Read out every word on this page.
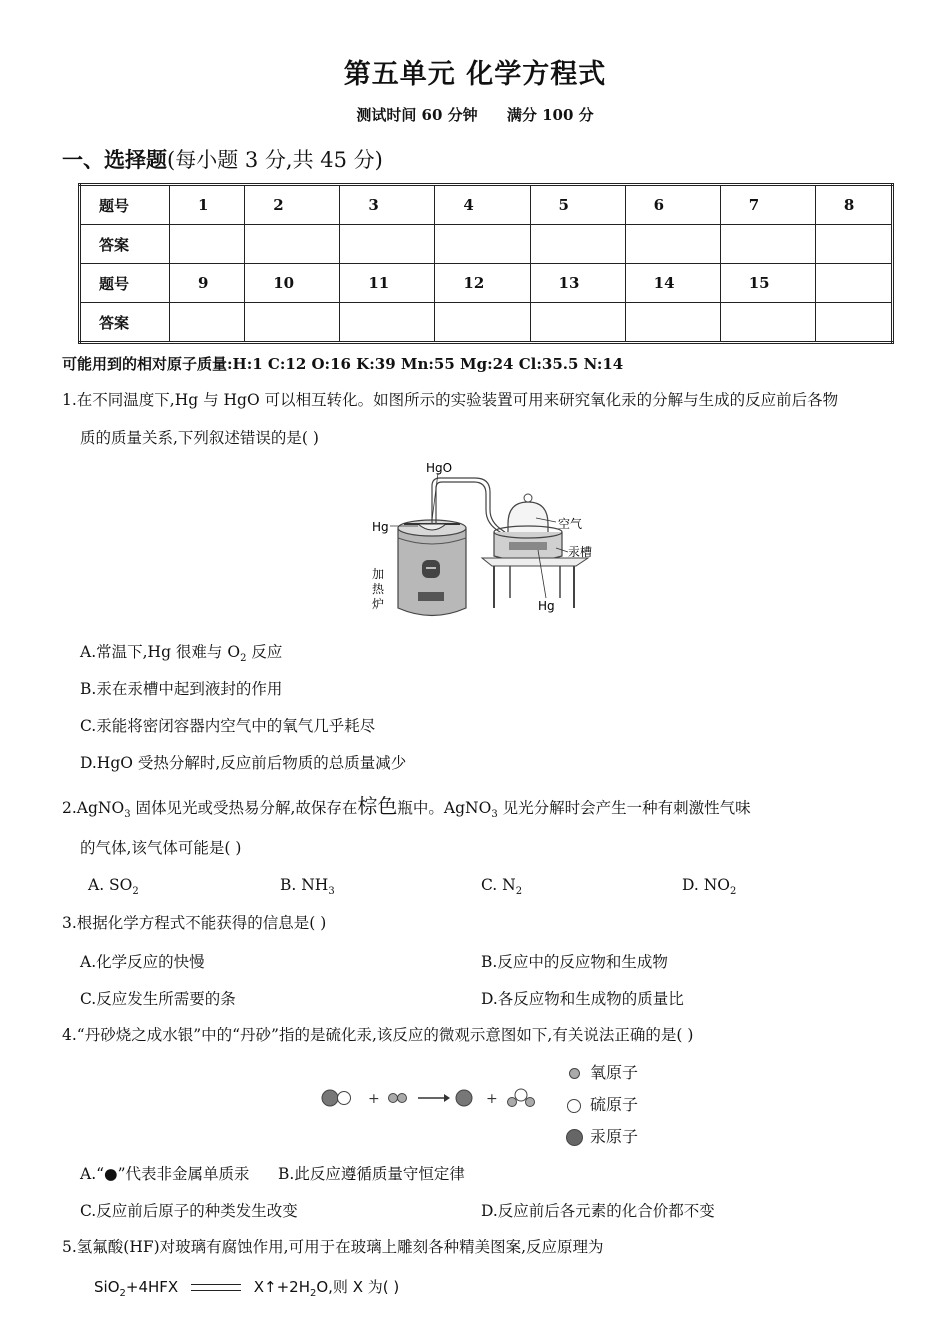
第五单元 化学方程式
测试时间 60 分钟 满分 100 分
一、选择题(每小题 3 分,共 45 分)
题号	1	2	3	4	5	6	7	8
答案								
题号	9	10	11	12	13	14	15	
答案								
可能用到的相对原子质量:H:1 C:12 O:16 K:39 Mn:55 Mg:24 Cl:35.5 N:14
1.在不同温度下,Hg 与 HgO 可以相互转化。如图所示的实验装置可用来研究氧化汞的分解与生成的反应前后各物
质的质量关系,下列叙述错误的是( )
HgO
Hg	空气
汞槽
Hg
加
热
炉
A.常温下,Hg 很难与 $O_2$ 反应
B.汞在汞槽中起到液封的作用
C.汞能将密闭容器内空气中的氧气几乎耗尽
D.HgO 受热分解时,反应前后物质的总质量减少
2.AgNO$_3$ 固体见光或受热易分解,故保存在棕色瓶中。AgNO$_3$ 见光分解时会产生一种有刺激性气味
的气体,该气体可能是( )
A. $SO_2$	B. $NH_3$	C. $N_2$	D. $NO_2$
3.根据化学方程式不能获得的信息是( )
A.化学反应的快慢	B.反应中的反应物和生成物
C.反应发生所需要的条	D.各反应物和生成物的质量比
4.“丹砂烧之成水银”中的“丹砂”指的是硫化汞,该反应的微观示意图如下,有关说法正确的是( )
+	+
氧原子
硫原子
汞原子
A.“●”代表非金属单质汞 B.此反应遵循质量守恒定律
C.反应前后原子的种类发生改变	D.反应前后各元素的化合价都不变
5.氢氟酸(HF)对玻璃有腐蚀作用,可用于在玻璃上雕刻各种精美图案,反应原理为
SiO$_2$+4HFX	$X↑+2H_2O$,则 X 为( )
